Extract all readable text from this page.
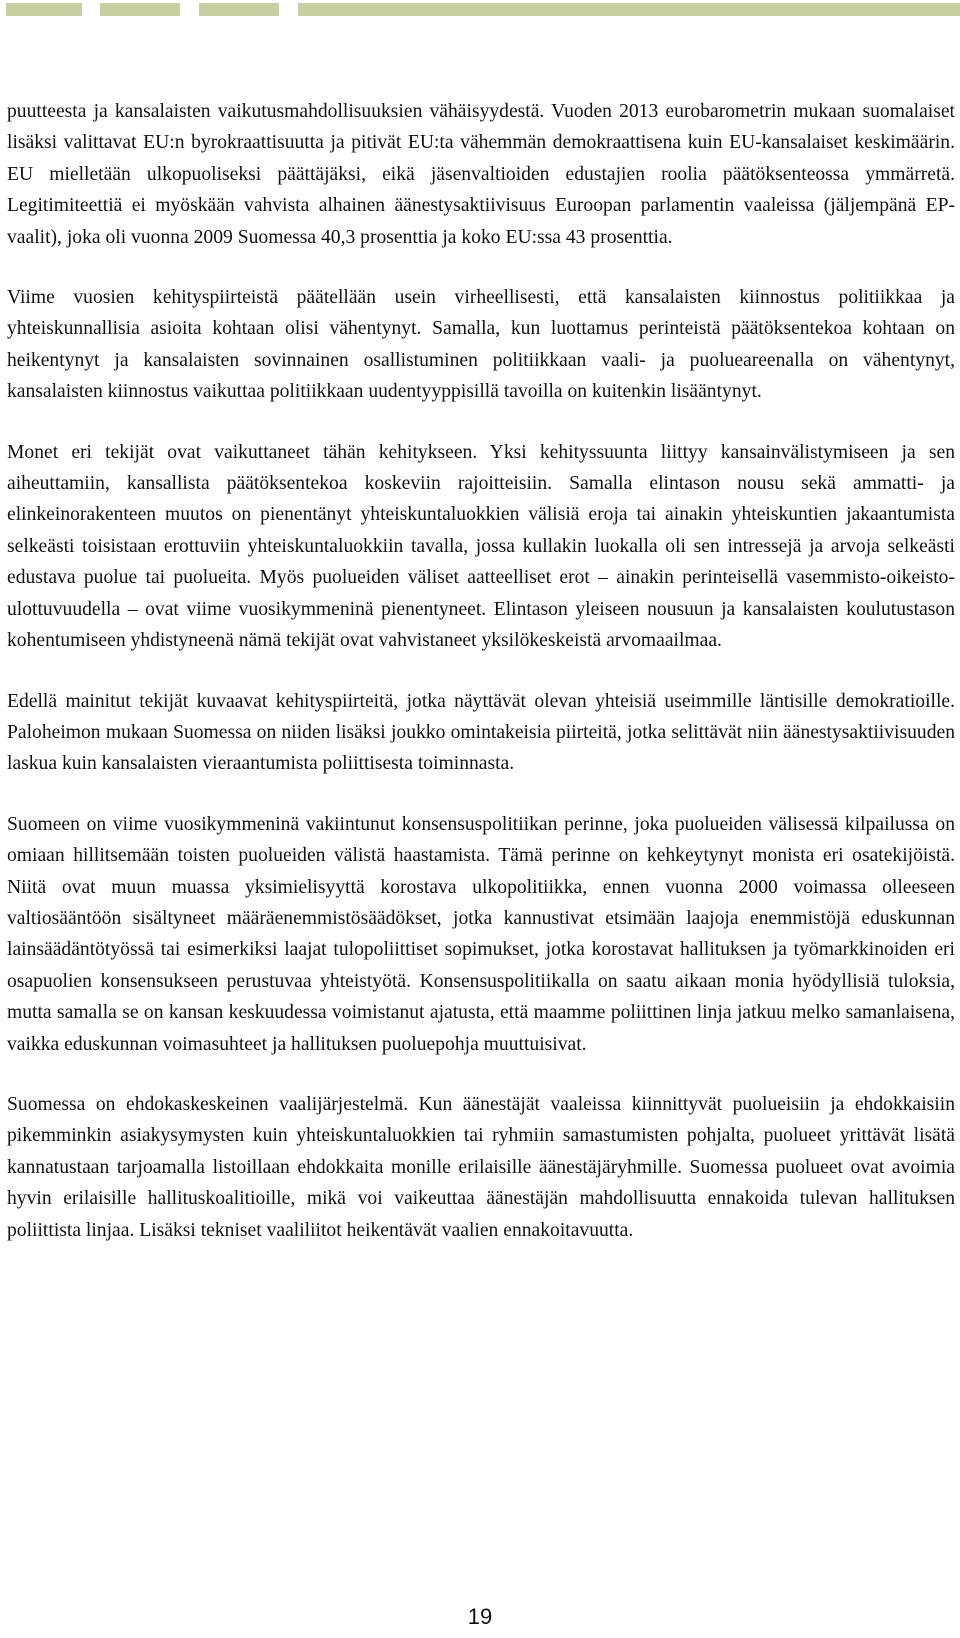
puutteesta ja kansalaisten vaikutusmahdollisuuksien vähäisyydestä. Vuoden 2013 eurobarometrin mukaan suomalaiset lisäksi valittavat EU:n byrokraattisuutta ja pitivät EU:ta vähemmän demokraattisena kuin EU-kansalaiset keskimäärin. EU mielletään ulkopuoliseksi päättäjäksi, eikä jäsenvaltioiden edustajien roolia päätöksenteossa ymmärretä. Legitimiteettiä ei myöskään vahvista alhainen äänestysaktiivisuus Euroopan parlamentin vaaleissa (jäljempänä EP-vaalit), joka oli vuonna 2009 Suomessa 40,3 prosenttia ja koko EU:ssa 43 prosenttia.

Viime vuosien kehityspiirteistä päätellään usein virheellisesti, että kansalaisten kiinnostus politiikkaa ja yhteiskunnallisia asioita kohtaan olisi vähentynyt. Samalla, kun luottamus perinteistä päätöksentekoa kohtaan on heikentynyt ja kansalaisten sovinnainen osallistuminen politiikkaan vaali- ja puolueareenalla on vähentynyt, kansalaisten kiinnostus vaikuttaa politiikkaan uudentyyppisillä tavoilla on kuitenkin lisääntynyt.

Monet eri tekijät ovat vaikuttaneet tähän kehitykseen. Yksi kehityssuunta liittyy kansainvälistymiseen ja sen aiheuttamiin, kansallista päätöksentekoa koskeviin rajoitteisiin. Samalla elintason nousu sekä ammatti- ja elinkeinorakenteen muutos on pienentänyt yhteiskuntaluokkien välisiä eroja tai ainakin yhteiskuntien jakaantumista selkeästi toisistaan erottuviin yhteiskuntaluokkiin tavalla, jossa kullakin luokalla oli sen intressejä ja arvoja selkeästi edustava puolue tai puolueita. Myös puolueiden väliset aatteelliset erot – ainakin perinteisellä vasemmisto-oikeisto-ulottuvuudella – ovat viime vuosikymmeninä pienentyneet. Elintason yleiseen nousuun ja kansalaisten koulutustason kohentumiseen yhdistyneenä nämä tekijät ovat vahvistaneet yksilökeskeistä arvomaailmaa.

Edellä mainitut tekijät kuvaavat kehityspiirteitä, jotka näyttävät olevan yhteisiä useimmille läntisille demokratioille. Paloheimon mukaan Suomessa on niiden lisäksi joukko omintakeisia piirteitä, jotka selittävät niin äänestysaktiivisuuden laskua kuin kansalaisten vieraantumista poliittisesta toiminnasta.

Suomeen on viime vuosikymmeninä vakiintunut konsensuspolitiikan perinne, joka puolueiden välisessä kilpailussa on omiaan hillitsemään toisten puolueiden välistä haastamista. Tämä perinne on kehkeytynyt monista eri osatekijöistä. Niitä ovat muun muassa yksimielisyyttä korostava ulkopolitiikka, ennen vuonna 2000 voimassa olleeseen valtiosääntöön sisältyneet määräenemmistösäädökset, jotka kannustivat etsimään laajoja enemmistöjä eduskunnan lainsäädäntötyössä tai esimerkiksi laajat tulopoliittiset sopimukset, jotka korostavat hallituksen ja työmarkkinoiden eri osapuolien konsensukseen perustuvaa yhteistyötä. Konsensuspolitiikalla on saatu aikaan monia hyödyllisiä tuloksia, mutta samalla se on kansan keskuudessa voimistanut ajatusta, että maamme poliittinen linja jatkuu melko samanlaisena, vaikka eduskunnan voimasuhteet ja hallituksen puoluepohja muuttuisivat.

Suomessa on ehdokaskeskeinen vaalijärjestelmä. Kun äänestäjät vaaleissa kiinnittyvät puolueisiin ja ehdokkaisiin pikemminkin asiakysymysten kuin yhteiskuntaluokkien tai ryhmiin samastumisten pohjalta, puolueet yrittävät lisätä kannatustaan tarjoamalla listoillaan ehdokkaita monille erilaisille äänestäjäryhmille. Suomessa puolueet ovat avoimia hyvin erilaisille hallituskoalitioille, mikä voi vaikeuttaa äänestäjän mahdollisuutta ennakoida tulevan hallituksen poliittista linjaa. Lisäksi tekniset vaaliliitot heikentävät vaalien ennakoitavuutta.

19
